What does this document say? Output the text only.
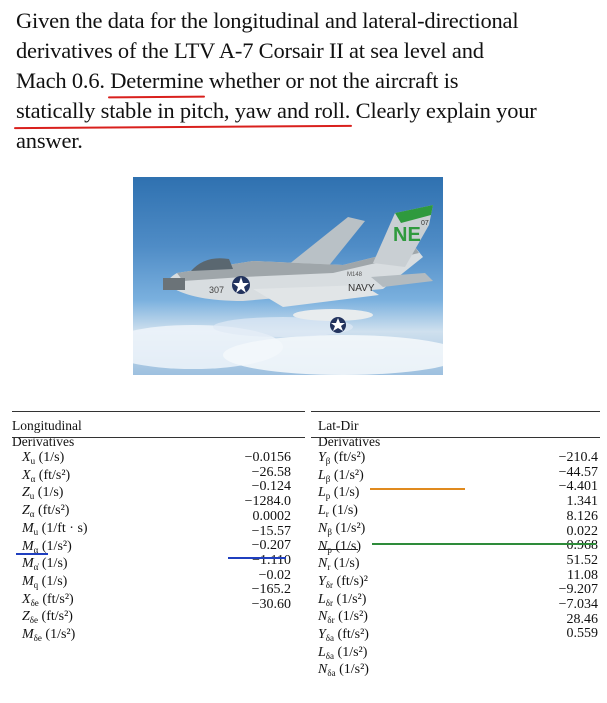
Given the data for the longitudinal and lateral-directional
derivatives of the LTV A-7 Corsair II at sea level and
Mach 0.6. Determine whether or not the aircraft is
statically stable in pitch, yaw and roll. Clearly explain your
answer.
307	NAVY
M148
NE
07
Longitudinal Derivatives
$X_u$ (1/s)
$X_\alpha$ (ft/s²)
$Z_u$ (1/s)
$Z_\alpha$ (ft/s²)
$M_u$ (1/ft · s)
$M_\alpha$ (1/s²)
$M_{\alphȧ}$ (1/s)
$M_q$ (1/s)
$X_{\delta e}$ (ft/s²)
$Z_{\delta e}$ (ft/s²)
$M_{\delta e}$ (1/s²)
−0.0156
−26.58
−0.124
−1284.0
0.0002
−15.57
−0.207
−1.110
−0.02
−165.2
−30.60
Lat-Dir Derivatives
$Y_\beta$ (ft/s²)
$L_\beta$ (1/s²)
$L_p$ (1/s)
$L_r$ (1/s)
$N_\beta$ (1/s²)
$N_p$ (1/s)
$N_r$ (1/s)
$Y_{\delta r}$ (ft/s)²
$L_{\delta r}$ (1/s²)
$N_{\delta r}$ (1/s²)
$Y_{\delta a}$ (ft/s²)
$L_{\delta a}$ (1/s²)
$N_{\delta a}$ (1/s²)
−210.4
−44.57
−4.401
1.341
8.126
0.022
−0.968
51.52
11.08
−9.207
−7.034
28.46
0.559
